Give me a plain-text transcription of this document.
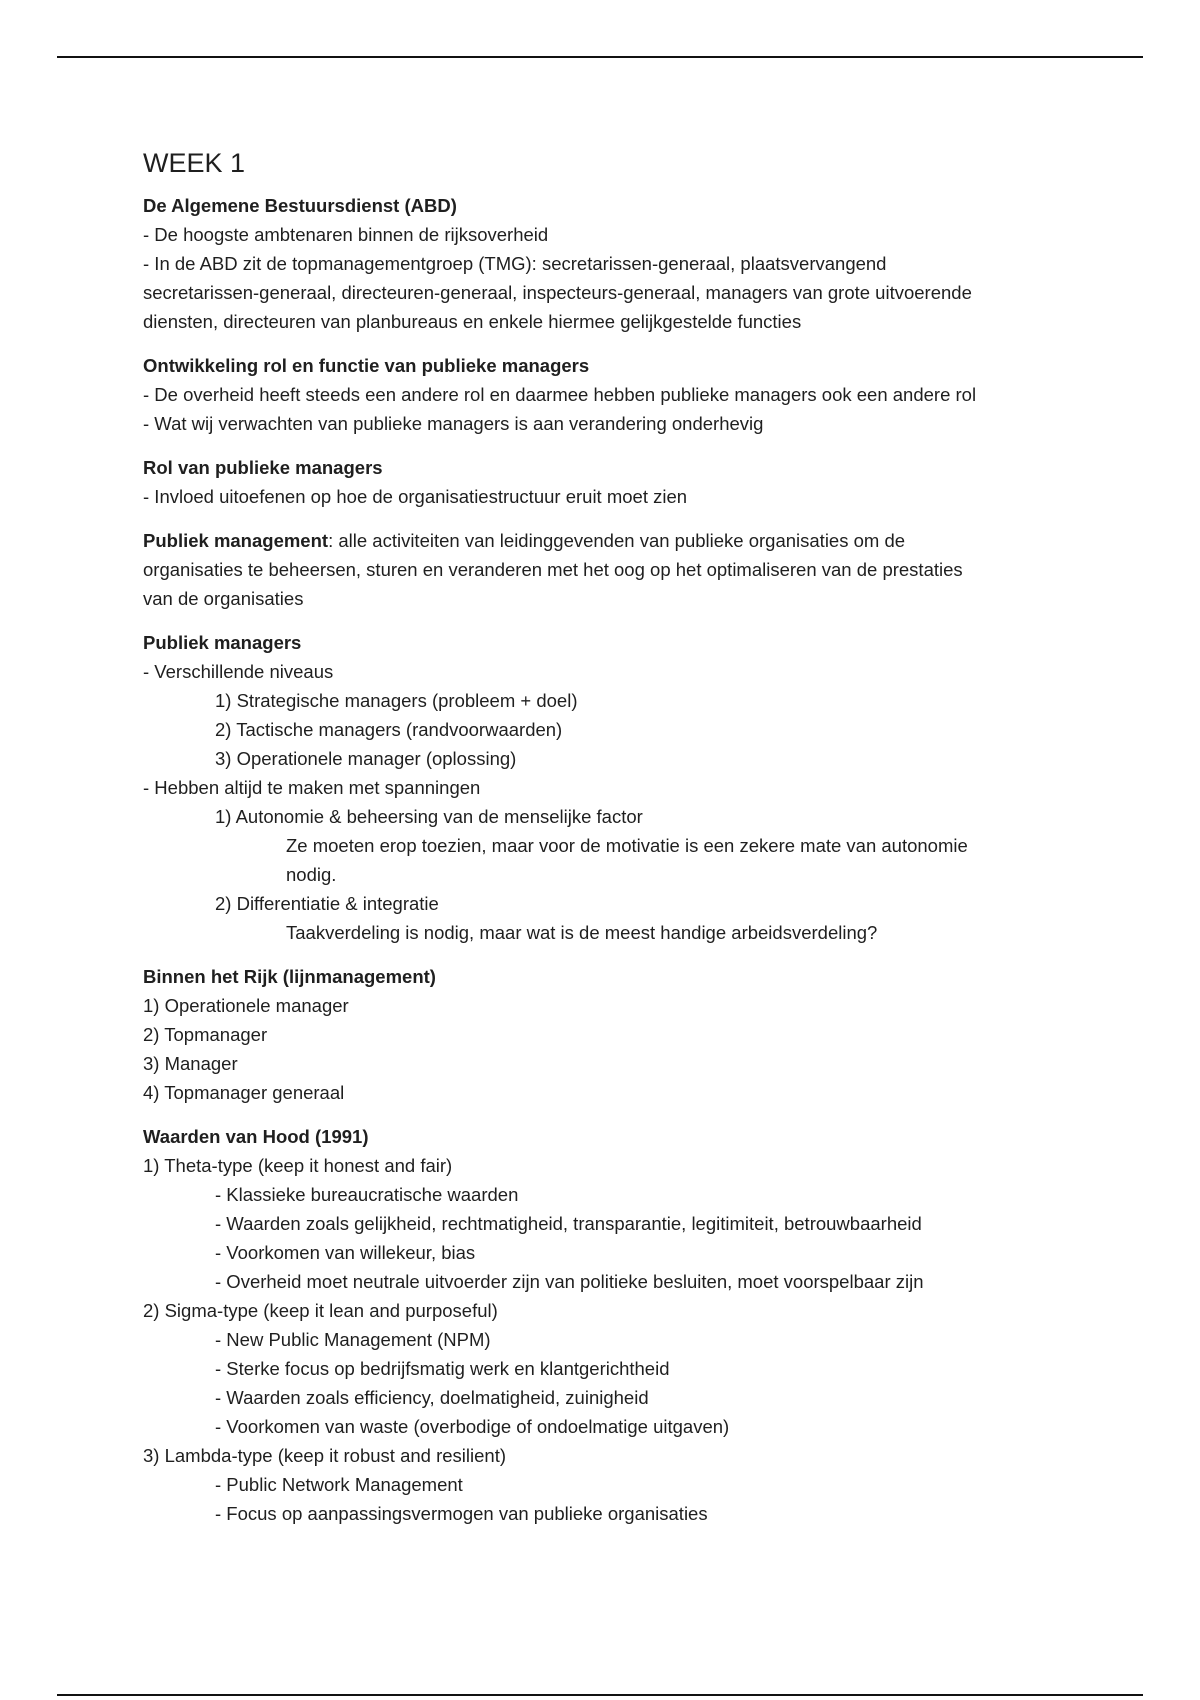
WEEK 1

De Algemene Bestuursdienst (ABD)

- De hoogste ambtenaren binnen de rijksoverheid

- In de ABD zit de topmanagementgroep (TMG): secretarissen-generaal, plaatsvervangend

secretarissen-generaal, directeuren-generaal, inspecteurs-generaal, managers van grote uitvoerende

diensten, directeuren van planbureaus en enkele hiermee gelijkgestelde functies

Ontwikkeling rol en functie van publieke managers

- De overheid heeft steeds een andere rol en daarmee hebben publieke managers ook een andere rol

- Wat wij verwachten van publieke managers is aan verandering onderhevig

Rol van publieke managers

- Invloed uitoefenen op hoe de organisatiestructuur eruit moet zien

Publiek management: alle activiteiten van leidinggevenden van publieke organisaties om de

organisaties te beheersen, sturen en veranderen met het oog op het optimaliseren van de prestaties

van de organisaties

Publiek managers

- Verschillende niveaus

1) Strategische managers (probleem + doel)

2) Tactische managers (randvoorwaarden)

3) Operationele manager (oplossing)

- Hebben altijd te maken met spanningen

1) Autonomie & beheersing van de menselijke factor

Ze moeten erop toezien, maar voor de motivatie is een zekere mate van autonomie

nodig.

2) Differentiatie & integratie

Taakverdeling is nodig, maar wat is de meest handige arbeidsverdeling?

Binnen het Rijk (lijnmanagement)

1) Operationele manager

2) Topmanager

3) Manager

4) Topmanager generaal

Waarden van Hood (1991)

1) Theta-type (keep it honest and fair)

- Klassieke bureaucratische waarden

- Waarden zoals gelijkheid, rechtmatigheid, transparantie, legitimiteit, betrouwbaarheid

- Voorkomen van willekeur, bias

- Overheid moet neutrale uitvoerder zijn van politieke besluiten, moet voorspelbaar zijn

2) Sigma-type (keep it lean and purposeful)

- New Public Management (NPM)

- Sterke focus op bedrijfsmatig werk en klantgerichtheid

- Waarden zoals efficiency, doelmatigheid, zuinigheid

- Voorkomen van waste (overbodige of ondoelmatige uitgaven)

3) Lambda-type (keep it robust and resilient)

- Public Network Management

- Focus op aanpassingsvermogen van publieke organisaties
